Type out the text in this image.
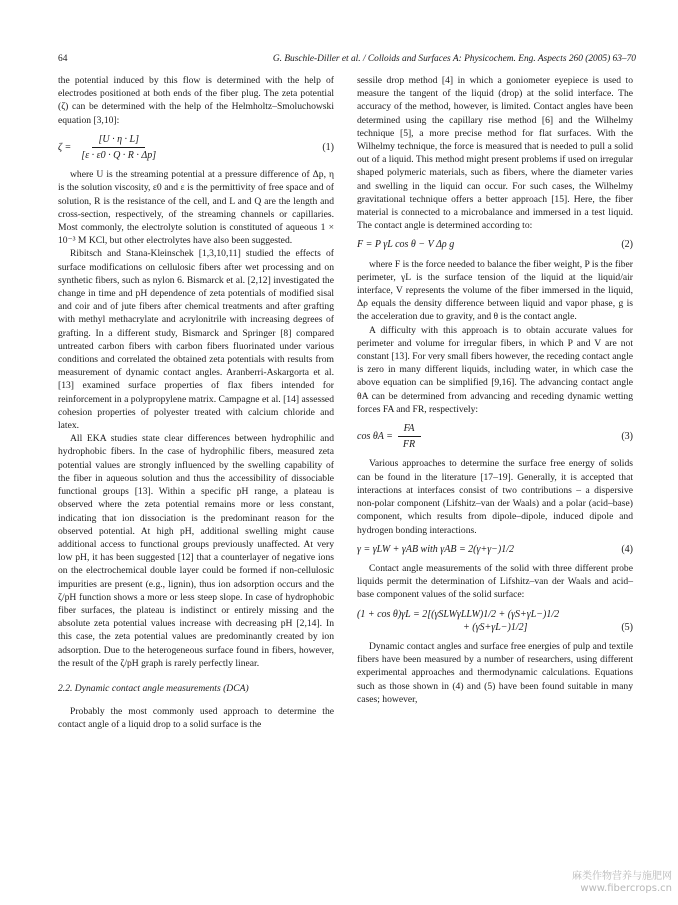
64	G. Buschle-Diller et al. / Colloids and Surfaces A: Physicochem. Eng. Aspects 260 (2005) 63–70

the potential induced by this flow is determined with the help of electrodes positioned at both ends of the fiber plug. The zeta potential (ζ) can be determined with the help of the Helmholtz–Smoluchowski equation [3,10]:

$\zeta = \frac{[U \cdot \eta \cdot L]}{[\varepsilon \cdot \varepsilon 0 \cdot Q \cdot R \cdot \Delta p]}$	(1)

where U is the streaming potential at a pressure difference of Δp, η is the solution viscosity, ε0 and ε is the permittivity of free space and of solution, R is the resistance of the cell, and L and Q are the length and cross-section, respectively, of the streaming channels or capillaries. Most commonly, the electrolyte solution is constituted of aqueous 1 × 10⁻³ M KCl, but other electrolytes have also been suggested.

Ribitsch and Stana-Kleinschek [1,3,10,11] studied the effects of surface modifications on cellulosic fibers after wet processing and on synthetic fibers, such as nylon 6. Bismarck et al. [2,12] investigated the change in time and pH dependence of zeta potentials of modified sisal and coir and of jute fibers after chemical treatments and after grafting with methyl methacrylate and acrylonitrile with increasing degrees of grafting. In a different study, Bismarck and Springer [8] compared untreated carbon fibers with carbon fibers fluorinated under various conditions and correlated the obtained zeta potentials with results from measurement of dynamic contact angles. Aranberri-Askargorta et al. [13] examined surface properties of flax fibers intended for reinforcement in a polypropylene matrix. Campagne et al. [14] assessed cohesion properties of polyester treated with calcium chloride and latex.

All EKA studies state clear differences between hydrophilic and hydrophobic fibers. In the case of hydrophilic fibers, measured zeta potential values are strongly influenced by the swelling capability of the fiber in aqueous solution and thus the accessibility of dissociable functional groups [13]. Within a specific pH range, a plateau is observed where the zeta potential remains more or less constant, indicating that ion dissociation is the predominant reason for the observed potential. At high pH, additional swelling might cause additional access to functional groups previously unaffected. At very low pH, it has been suggested [12] that a counterlayer of negative ions on the electrochemical double layer could be formed if non-cellulosic impurities are present (e.g., lignin), thus ion adsorption occurs and the ζ/pH function shows a more or less steep slope. In case of hydrophobic fiber surfaces, the plateau is indistinct or entirely missing and the absolute zeta potential values increase with decreasing pH [2,14]. In this case, the zeta potential values are predominantly created by ion adsorption. Due to the heterogeneous surface found in fibers, however, the result of the ζ/pH graph is rarely perfectly linear.

2.2. Dynamic contact angle measurements (DCA)

Probably the most commonly used approach to determine the contact angle of a liquid drop to a solid surface is the

sessile drop method [4] in which a goniometer eyepiece is used to measure the tangent of the liquid (drop) at the solid interface. The accuracy of the method, however, is limited. Contact angles have been determined using the capillary rise method [6] and the Wilhelmy technique [5], a more precise method for flat surfaces. With the Wilhelmy technique, the force is measured that is needed to pull a solid out of a liquid. This method might present problems if used on irregular shaped polymeric materials, such as fibers, where the diameter varies and swelling in the liquid can occur. For such cases, the Wilhelmy gravitational technique offers a better approach [15]. Here, the fiber material is connected to a microbalance and immersed in a test liquid. The contact angle is determined according to:

F = P γL cos θ − V Δρ g	(2)

where F is the force needed to balance the fiber weight, P is the fiber perimeter, γL is the surface tension of the liquid at the liquid/air interface, V represents the volume of the fiber immersed in the liquid, Δρ equals the density difference between liquid and vapor phase, g is the acceleration due to gravity, and θ is the contact angle.

A difficulty with this approach is to obtain accurate values for perimeter and volume for irregular fibers, in which P and V are not constant [13]. For very small fibers however, the receding contact angle is zero in many different liquids, including water, in which case the above equation can be simplified [9,16]. The advancing contact angle θA can be determined from advancing and receding dynamic wetting forces FA and FR, respectively:

$\cos \theta A = \frac{FA}{FR}$	(3)

Various approaches to determine the surface free energy of solids can be found in the literature [17–19]. Generally, it is accepted that interactions at interfaces consist of two contributions – a dispersive non-polar component (Lifshitz–van der Waals) and a polar (acid–base) component, which results from dipole–dipole, induced dipole and hydrogen bonding interactions.

γ = γLW + γAB with γAB = 2(γ+γ−)1/2	(4)

Contact angle measurements of the solid with three different probe liquids permit the determination of Lifshitz–van der Waals and acid–base component values of the solid surface:

(1 + cos θ)γL = 2[(γSLWγLLW)1/2 + (γS+γL−)1/2
+ (γS+γL−)1/2]	(5)

Dynamic contact angles and surface free energies of pulp and textile fibers have been measured by a number of researchers, using different experimental approaches and thermodynamic calculations. Equations such as those shown in (4) and (5) have been found suitable in many cases; however,

麻类作物营养与施肥网
www.fibercrops.cn
